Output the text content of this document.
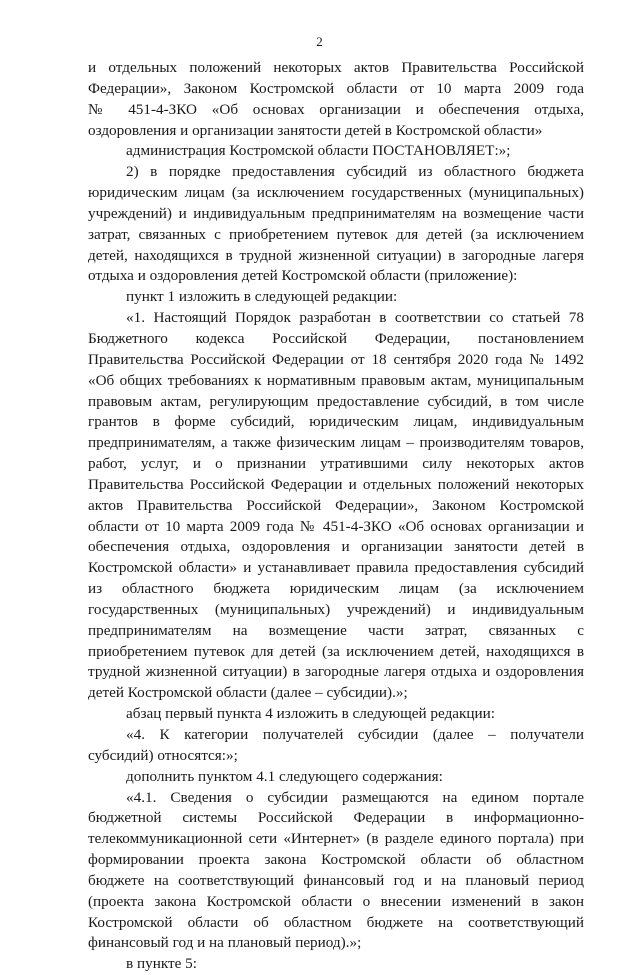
2
и отдельных положений некоторых актов Правительства Российской
Федерации», Законом Костромской области от 10 марта 2009 года
№ 451-4-ЗКО «Об основах организации и обеспечения отдыха,
оздоровления и организации занятости детей в Костромской области»
администрация Костромской области ПОСТАНОВЛЯЕТ:»;
2) в порядке предоставления субсидий из областного бюджета
юридическим лицам (за исключением государственных (муниципальных)
учреждений) и индивидуальным предпринимателям на возмещение части
затрат, связанных с приобретением путевок для детей (за исключением
детей, находящихся в трудной жизненной ситуации) в загородные лагеря
отдыха и оздоровления детей Костромской области (приложение):
пункт 1 изложить в следующей редакции:
«1. Настоящий Порядок разработан в соответствии со статьей 78
Бюджетного кодекса Российской Федерации, постановлением
Правительства Российской Федерации от 18 сентября 2020 года № 1492
«Об общих требованиях к нормативным правовым актам, муниципальным
правовым актам, регулирующим предоставление субсидий, в том числе
грантов в форме субсидий, юридическим лицам, индивидуальным
предпринимателям, а также физическим лицам – производителям товаров,
работ, услуг, и о признании утратившими силу некоторых актов
Правительства Российской Федерации и отдельных положений некоторых
актов Правительства Российской Федерации», Законом Костромской
области от 10 марта 2009 года № 451-4-ЗКО «Об основах организации и
обеспечения отдыха, оздоровления и организации занятости детей в
Костромской области» и устанавливает правила предоставления субсидий
из областного бюджета юридическим лицам (за исключением
государственных (муниципальных) учреждений) и индивидуальным
предпринимателям на возмещение части затрат, связанных с
приобретением путевок для детей (за исключением детей, находящихся в
трудной жизненной ситуации) в загородные лагеря отдыха и оздоровления
детей Костромской области (далее – субсидии).»;
абзац первый пункта 4 изложить в следующей редакции:
«4. К категории получателей субсидии (далее – получатели
субсидий) относятся:»;
дополнить пунктом 4.1 следующего содержания:
«4.1. Сведения о субсидии размещаются на едином портале
бюджетной системы Российской Федерации в информационно-
телекоммуникационной сети «Интернет» (в разделе единого портала) при
формировании проекта закона Костромской области об областном
бюджете на соответствующий финансовый год и на плановый период
(проекта закона Костромской области о внесении изменений в закон
Костромской области об областном бюджете на соответствующий
финансовый год и на плановый период).»;
в пункте 5:
